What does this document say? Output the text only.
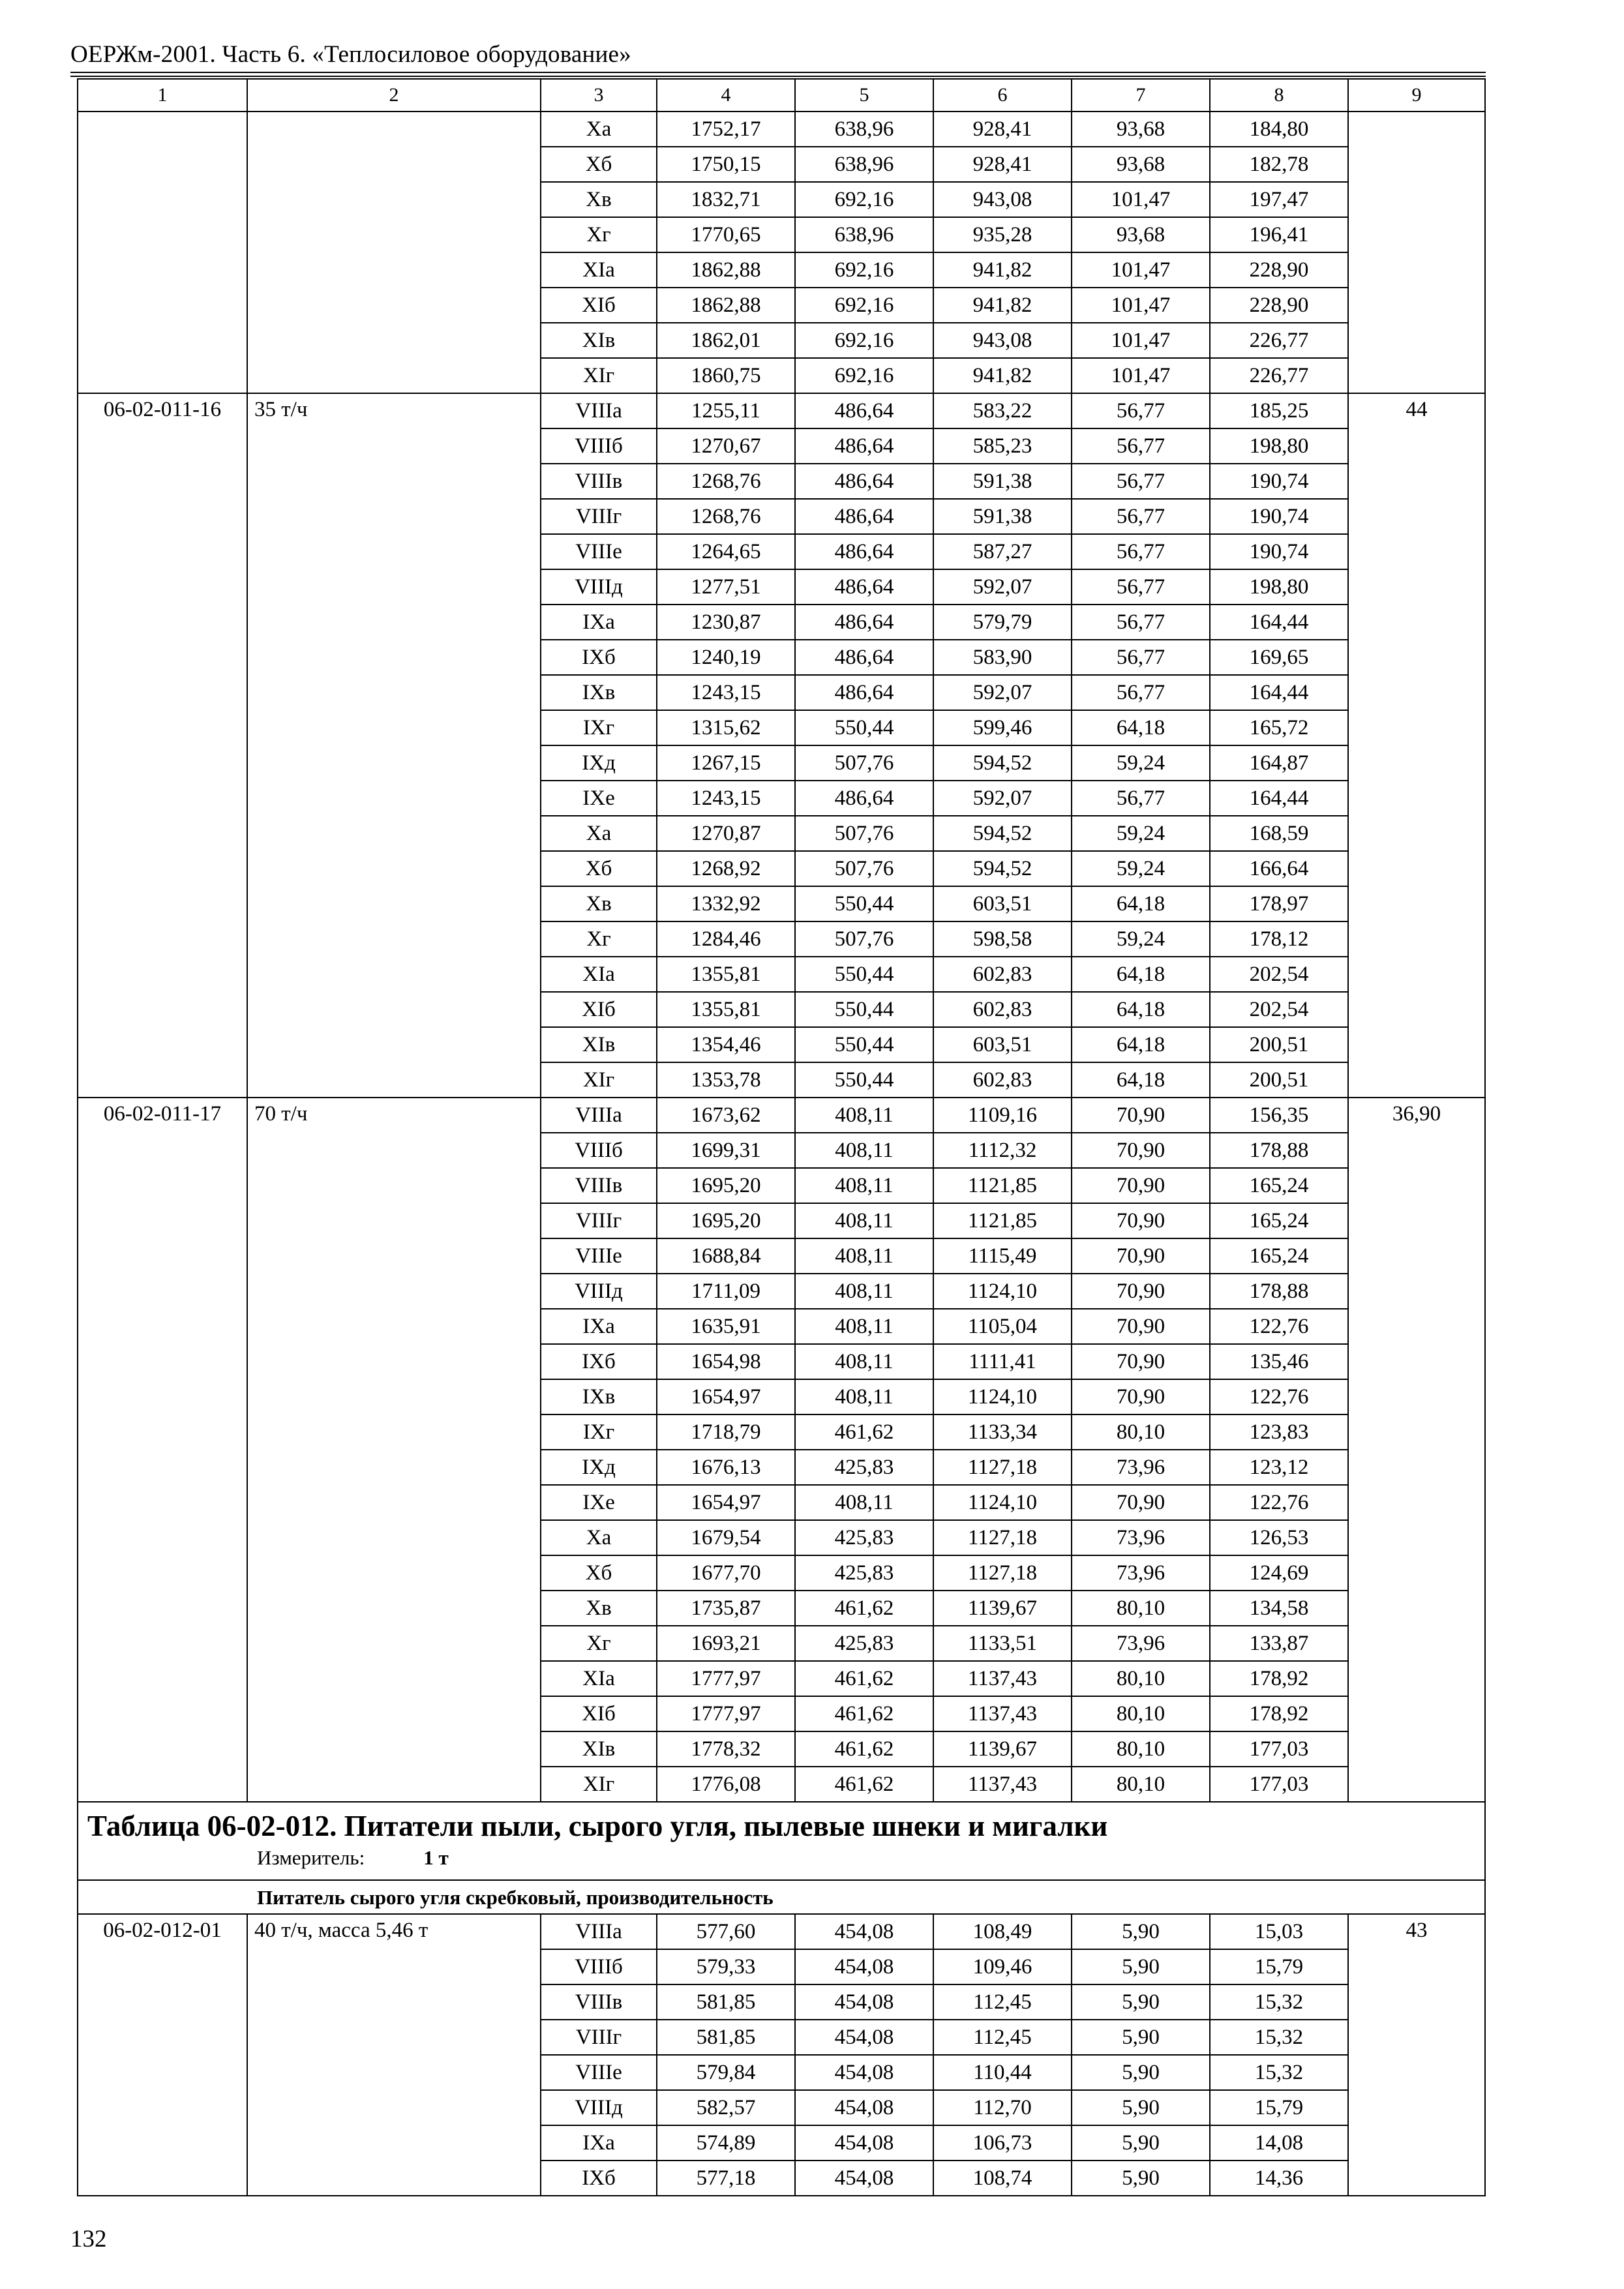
ОЕРЖм-2001. Часть 6. «Теплосиловое оборудование»
1	2	3	4	5	6	7	8	9
		Xa	1752,17	638,96	928,41	93,68	184,80	
		Xб	1750,15	638,96	928,41	93,68	182,78	
		Xв	1832,71	692,16	943,08	101,47	197,47	
		Xг	1770,65	638,96	935,28	93,68	196,41	
		XIa	1862,88	692,16	941,82	101,47	228,90	
		XIб	1862,88	692,16	941,82	101,47	228,90	
		XIв	1862,01	692,16	943,08	101,47	226,77	
		XIг	1860,75	692,16	941,82	101,47	226,77	
06-02-011-16	35 т/ч	VIIIa	1255,11	486,64	583,22	56,77	185,25	44
		VIIIб	1270,67	486,64	585,23	56,77	198,80	
		VIIIв	1268,76	486,64	591,38	56,77	190,74	
		VIIIг	1268,76	486,64	591,38	56,77	190,74	
		VIIIe	1264,65	486,64	587,27	56,77	190,74	
		VIIIд	1277,51	486,64	592,07	56,77	198,80	
		IXa	1230,87	486,64	579,79	56,77	164,44	
		IXб	1240,19	486,64	583,90	56,77	169,65	
		IXв	1243,15	486,64	592,07	56,77	164,44	
		IXг	1315,62	550,44	599,46	64,18	165,72	
		IXд	1267,15	507,76	594,52	59,24	164,87	
		IXe	1243,15	486,64	592,07	56,77	164,44	
		Xa	1270,87	507,76	594,52	59,24	168,59	
		Xб	1268,92	507,76	594,52	59,24	166,64	
		Xв	1332,92	550,44	603,51	64,18	178,97	
		Xг	1284,46	507,76	598,58	59,24	178,12	
		XIa	1355,81	550,44	602,83	64,18	202,54	
		XIб	1355,81	550,44	602,83	64,18	202,54	
		XIв	1354,46	550,44	603,51	64,18	200,51	
		XIг	1353,78	550,44	602,83	64,18	200,51	
06-02-011-17	70 т/ч	VIIIa	1673,62	408,11	1109,16	70,90	156,35	36,90
		VIIIб	1699,31	408,11	1112,32	70,90	178,88	
		VIIIв	1695,20	408,11	1121,85	70,90	165,24	
		VIIIг	1695,20	408,11	1121,85	70,90	165,24	
		VIIIe	1688,84	408,11	1115,49	70,90	165,24	
		VIIIд	1711,09	408,11	1124,10	70,90	178,88	
		IXa	1635,91	408,11	1105,04	70,90	122,76	
		IXб	1654,98	408,11	1111,41	70,90	135,46	
		IXв	1654,97	408,11	1124,10	70,90	122,76	
		IXг	1718,79	461,62	1133,34	80,10	123,83	
		IXд	1676,13	425,83	1127,18	73,96	123,12	
		IXe	1654,97	408,11	1124,10	70,90	122,76	
		Xa	1679,54	425,83	1127,18	73,96	126,53	
		Xб	1677,70	425,83	1127,18	73,96	124,69	
		Xв	1735,87	461,62	1139,67	80,10	134,58	
		Xг	1693,21	425,83	1133,51	73,96	133,87	
		XIa	1777,97	461,62	1137,43	80,10	178,92	
		XIб	1777,97	461,62	1137,43	80,10	178,92	
		XIв	1778,32	461,62	1139,67	80,10	177,03	
		XIг	1776,08	461,62	1137,43	80,10	177,03	

Таблица 06-02-012. Питатели пыли, сырого угля, пылевые шнеки и мигалки
Измеритель: 1 т								

Питатель сырого угля скребковый, производительность								
06-02-012-01	40 т/ч, масса 5,46 т	VIIIa	577,60	454,08	108,49	5,90	15,03	43
		VIIIб	579,33	454,08	109,46	5,90	15,79	
		VIIIв	581,85	454,08	112,45	5,90	15,32	
		VIIIг	581,85	454,08	112,45	5,90	15,32	
		VIIIe	579,84	454,08	110,44	5,90	15,32	
		VIIIд	582,57	454,08	112,70	5,90	15,79	
		IXa	574,89	454,08	106,73	5,90	14,08	
		IXб	577,18	454,08	108,74	5,90	14,36	
132
